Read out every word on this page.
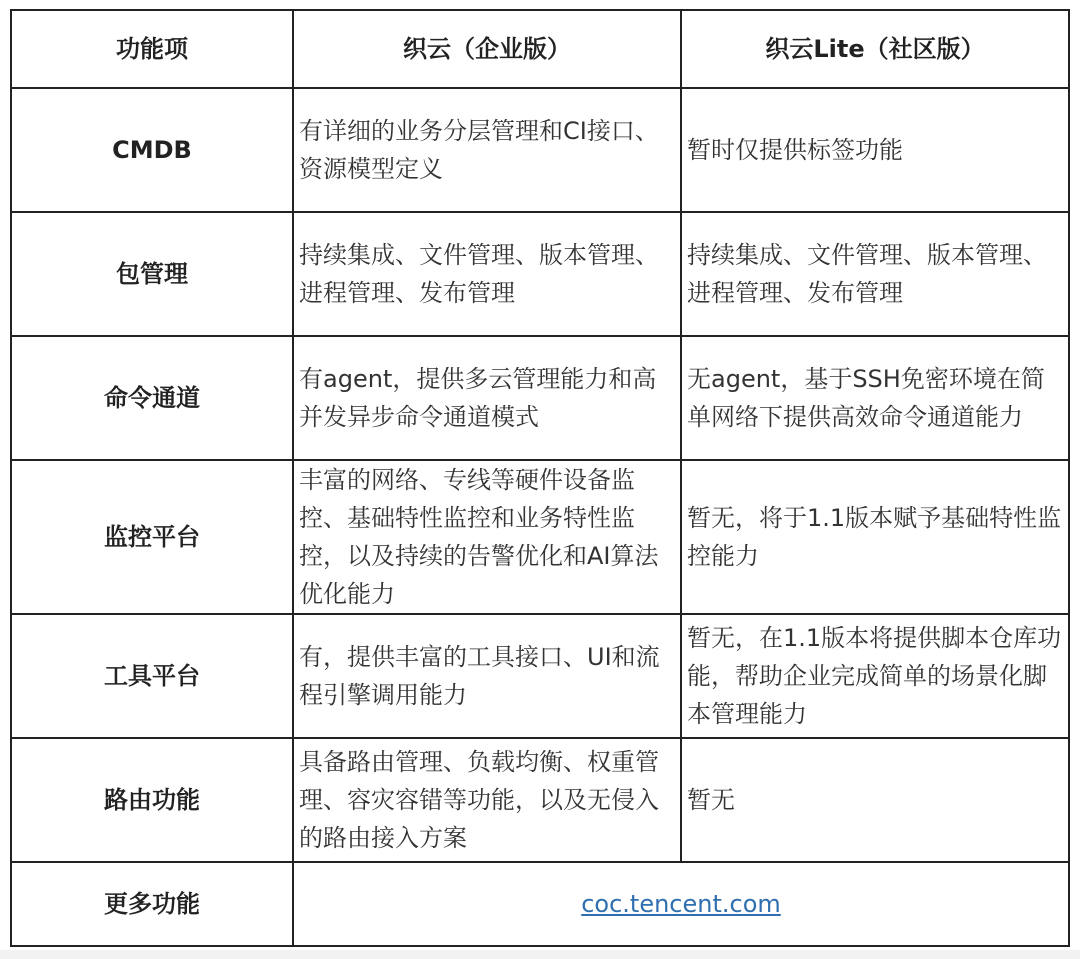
功能项	织云（企业版）	织云Lite（社区版）
CMDB	有详细的业务分层管理和CI接口、资源模型定义	暂时仅提供标签功能
包管理	持续集成、文件管理、版本管理、进程管理、发布管理	持续集成、文件管理、版本管理、进程管理、发布管理
命令通道	有agent，提供多云管理能力和高并发异步命令通道模式	无agent，基于SSH免密环境在简单网络下提供高效命令通道能力
监控平台	丰富的网络、专线等硬件设备监控、基础特性监控和业务特性监控，以及持续的告警优化和AI算法优化能力	暂无，将于1.1版本赋予基础特性监控能力
工具平台	有，提供丰富的工具接口、UI和流程引擎调用能力	暂无，在1.1版本将提供脚本仓库功能，帮助企业完成简单的场景化脚本管理能力
路由功能	具备路由管理、负载均衡、权重管理、容灾容错等功能，以及无侵入的路由接入方案	暂无
更多功能	coc.tencent.com	
